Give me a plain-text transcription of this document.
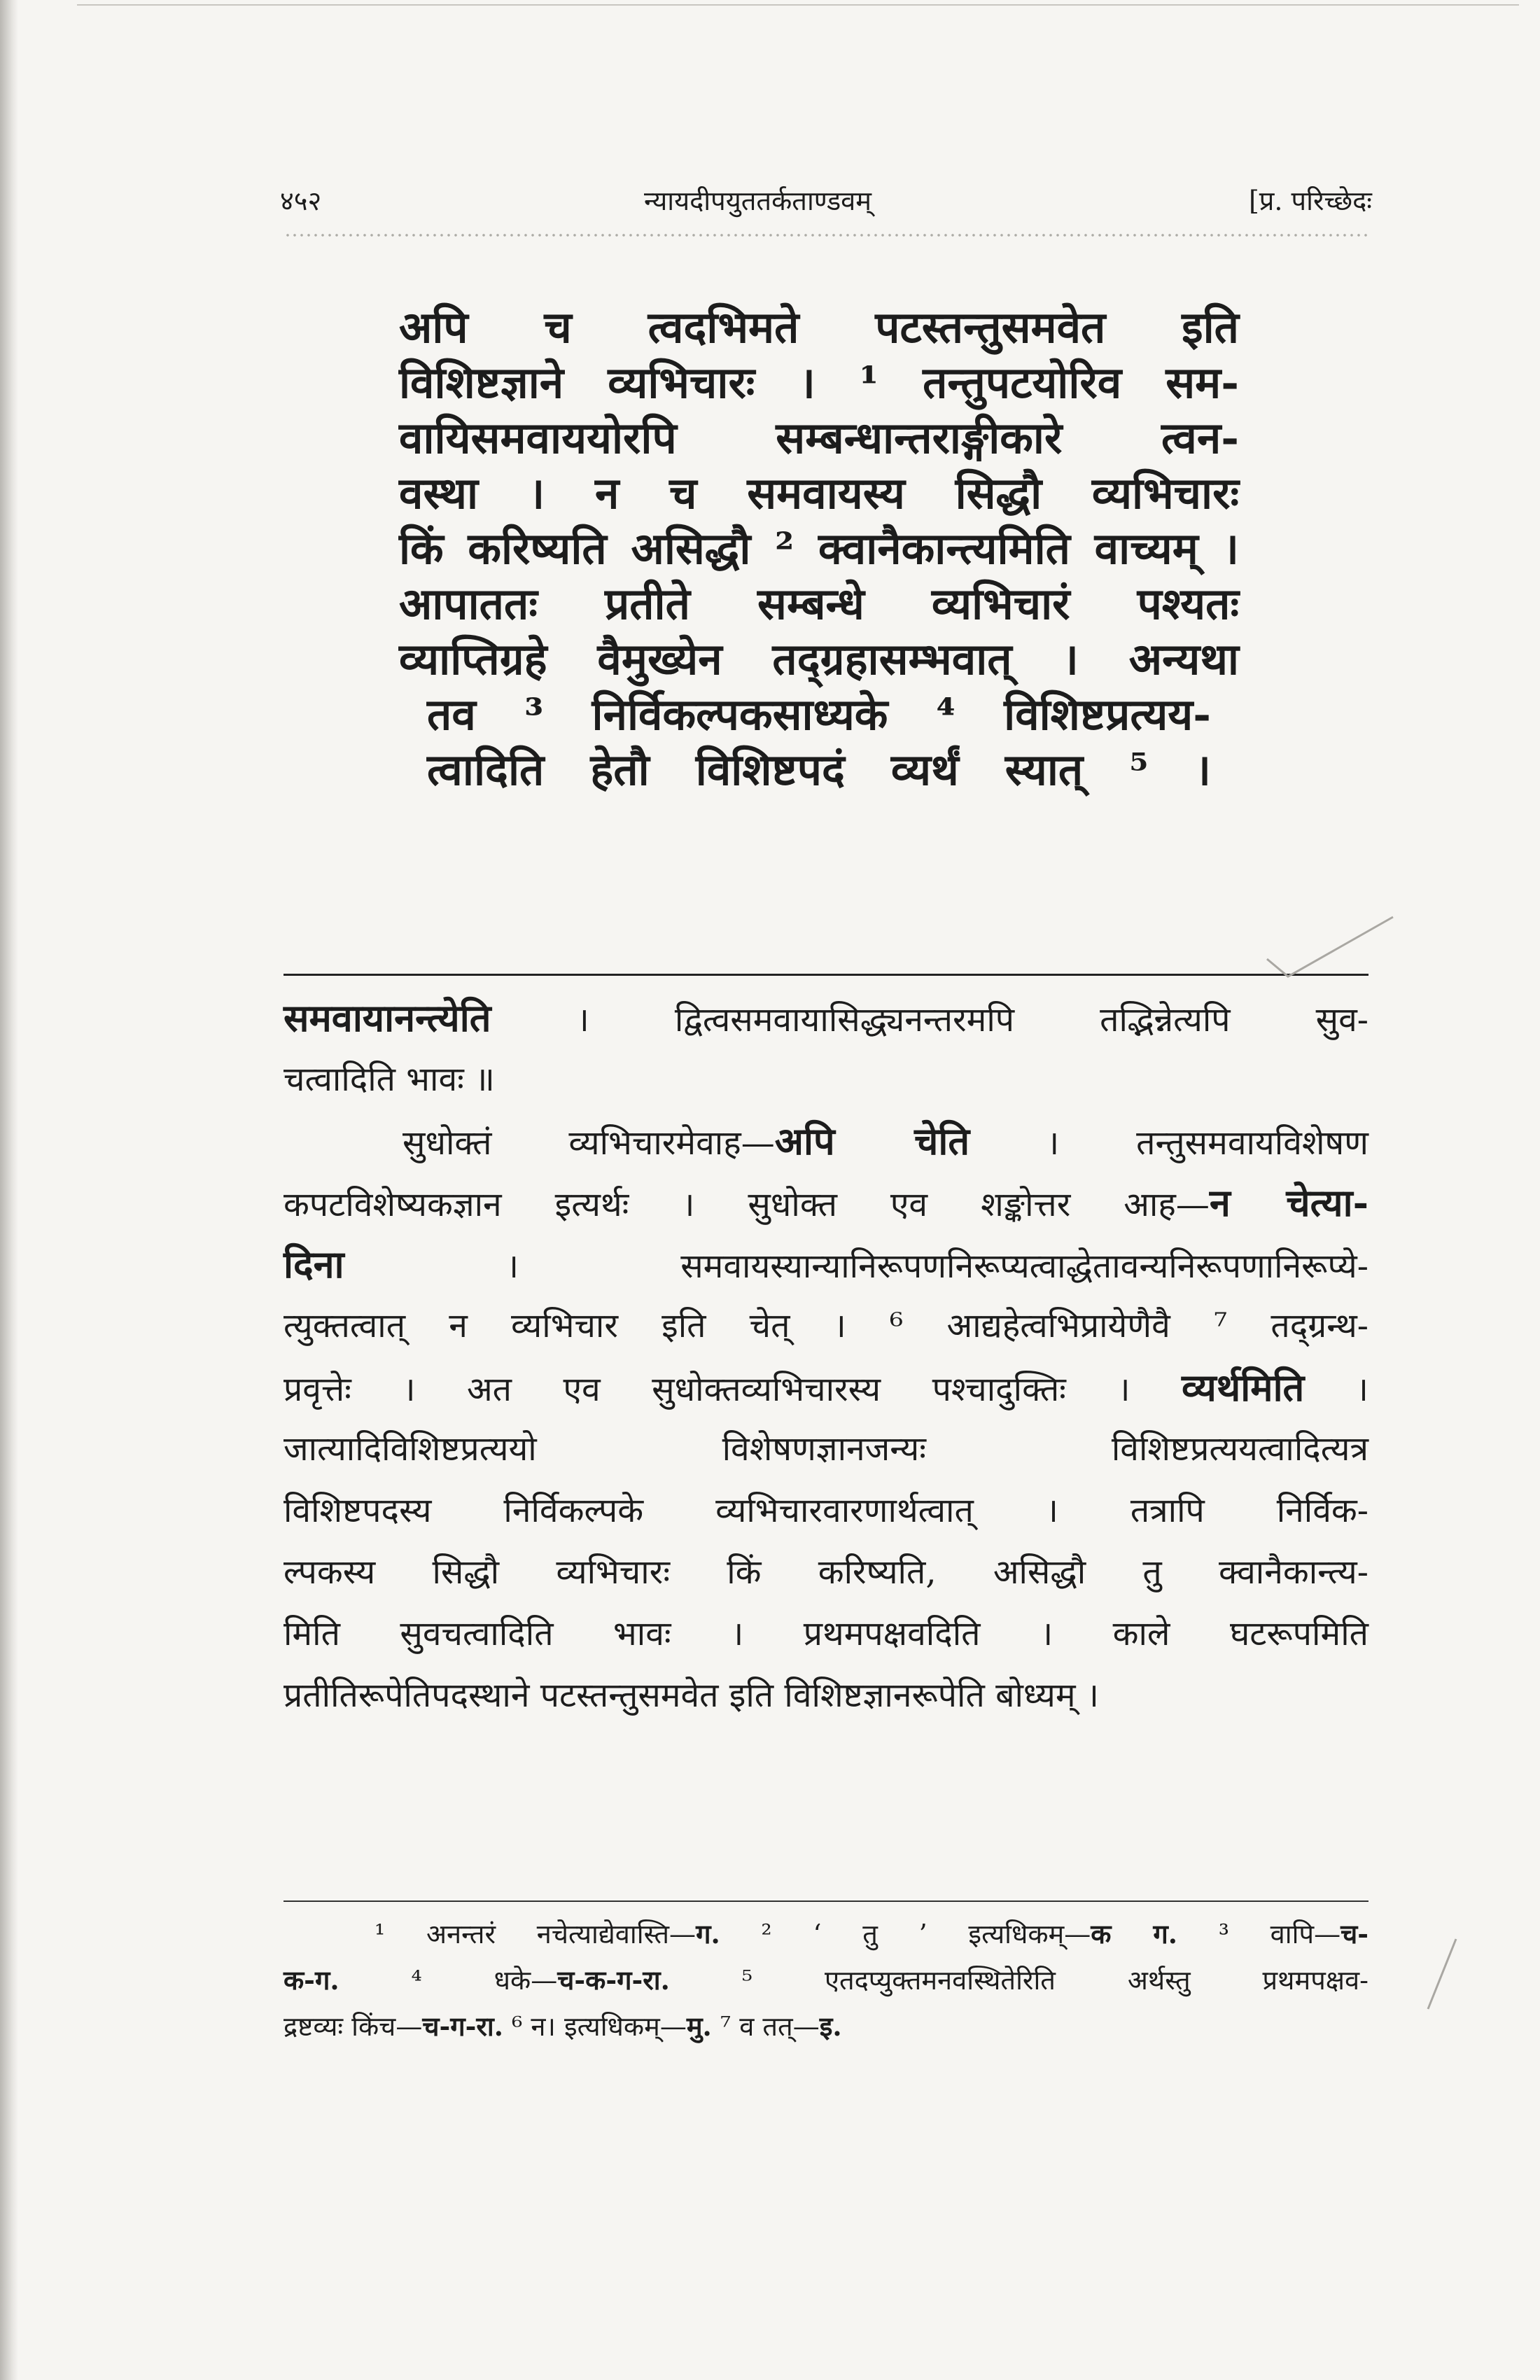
४५२	न्यायदीपयुततर्कताण्डवम्	[प्र. परिच्छेदः
अपि च त्वदभिमते पटस्तन्तुसमवेत इति
विशिष्टज्ञाने व्यभिचारः । ¹ तन्तुपटयोरिव सम-
वायिसमवाययोरपि सम्बन्धान्तराङ्गीकारे त्वन-
वस्था । न च समवायस्य सिद्धौ व्यभिचारः
किं करिष्यति असिद्धौ ² क्वानैकान्त्यमिति वाच्यम् ।
आपाततः प्रतीते सम्बन्धे व्यभिचारं पश्यतः
व्याप्तिग्रहे वैमुख्येन तद्ग्रहासम्भवात् । अन्यथा
तव ³ निर्विकल्पकसाध्यके ⁴ विशिष्टप्रत्यय-
त्वादिति हेतौ विशिष्टपदं व्यर्थं स्यात् ⁵ ।
समवायानन्त्येति । द्वित्वसमवायासिद्ध्यनन्तरमपि तद्भिन्नेत्यपि सुव-
चत्वादिति भावः ॥
सुधोक्तं व्यभिचारमेवाह—अपि चेति । तन्तुसमवायविशेषण
कपटविशेष्यकज्ञान इत्यर्थः । सुधोक्त एव शङ्कोत्तर आह—न चेत्या-
दिना । समवायस्यान्यानिरूपणनिरूप्यत्वाद्धेतावन्यनिरूपणानिरूप्ये-
त्युक्तत्वात् न व्यभिचार इति चेत् । ⁶ आद्यहेत्वभिप्रायेणैवै ⁷ तद्ग्रन्थ-
प्रवृत्तेः । अत एव सुधोक्तव्यभिचारस्य पश्चादुक्तिः । व्यर्थमिति ।
जात्यादिविशिष्टप्रत्ययो विशेषणज्ञानजन्यः विशिष्टप्रत्ययत्वादित्यत्र
विशिष्टपदस्य निर्विकल्पके व्यभिचारवारणार्थत्वात् । तत्रापि निर्विक-
ल्पकस्य सिद्धौ व्यभिचारः किं करिष्यति, असिद्धौ तु क्वानैकान्त्य-
मिति सुवचत्वादिति भावः । प्रथमपक्षवदिति । काले घटरूपमिति
प्रतीतिरूपेतिपदस्थाने पटस्तन्तुसमवेत इति विशिष्टज्ञानरूपेति बोध्यम् ।
¹ अनन्तरं नचेत्याद्येवास्ति—ग. ² ‘ तु ’ इत्यधिकम्—क ग. ³ वापि—च-
क-ग. ⁴ धके—च-क-ग-रा. ⁵ एतदप्युक्तमनवस्थितेरिति अर्थस्तु प्रथमपक्षव-
द्रष्टव्यः किंच—च-ग-रा. ⁶ न। इत्यधिकम्—मु. ⁷ व तत्—इ.
